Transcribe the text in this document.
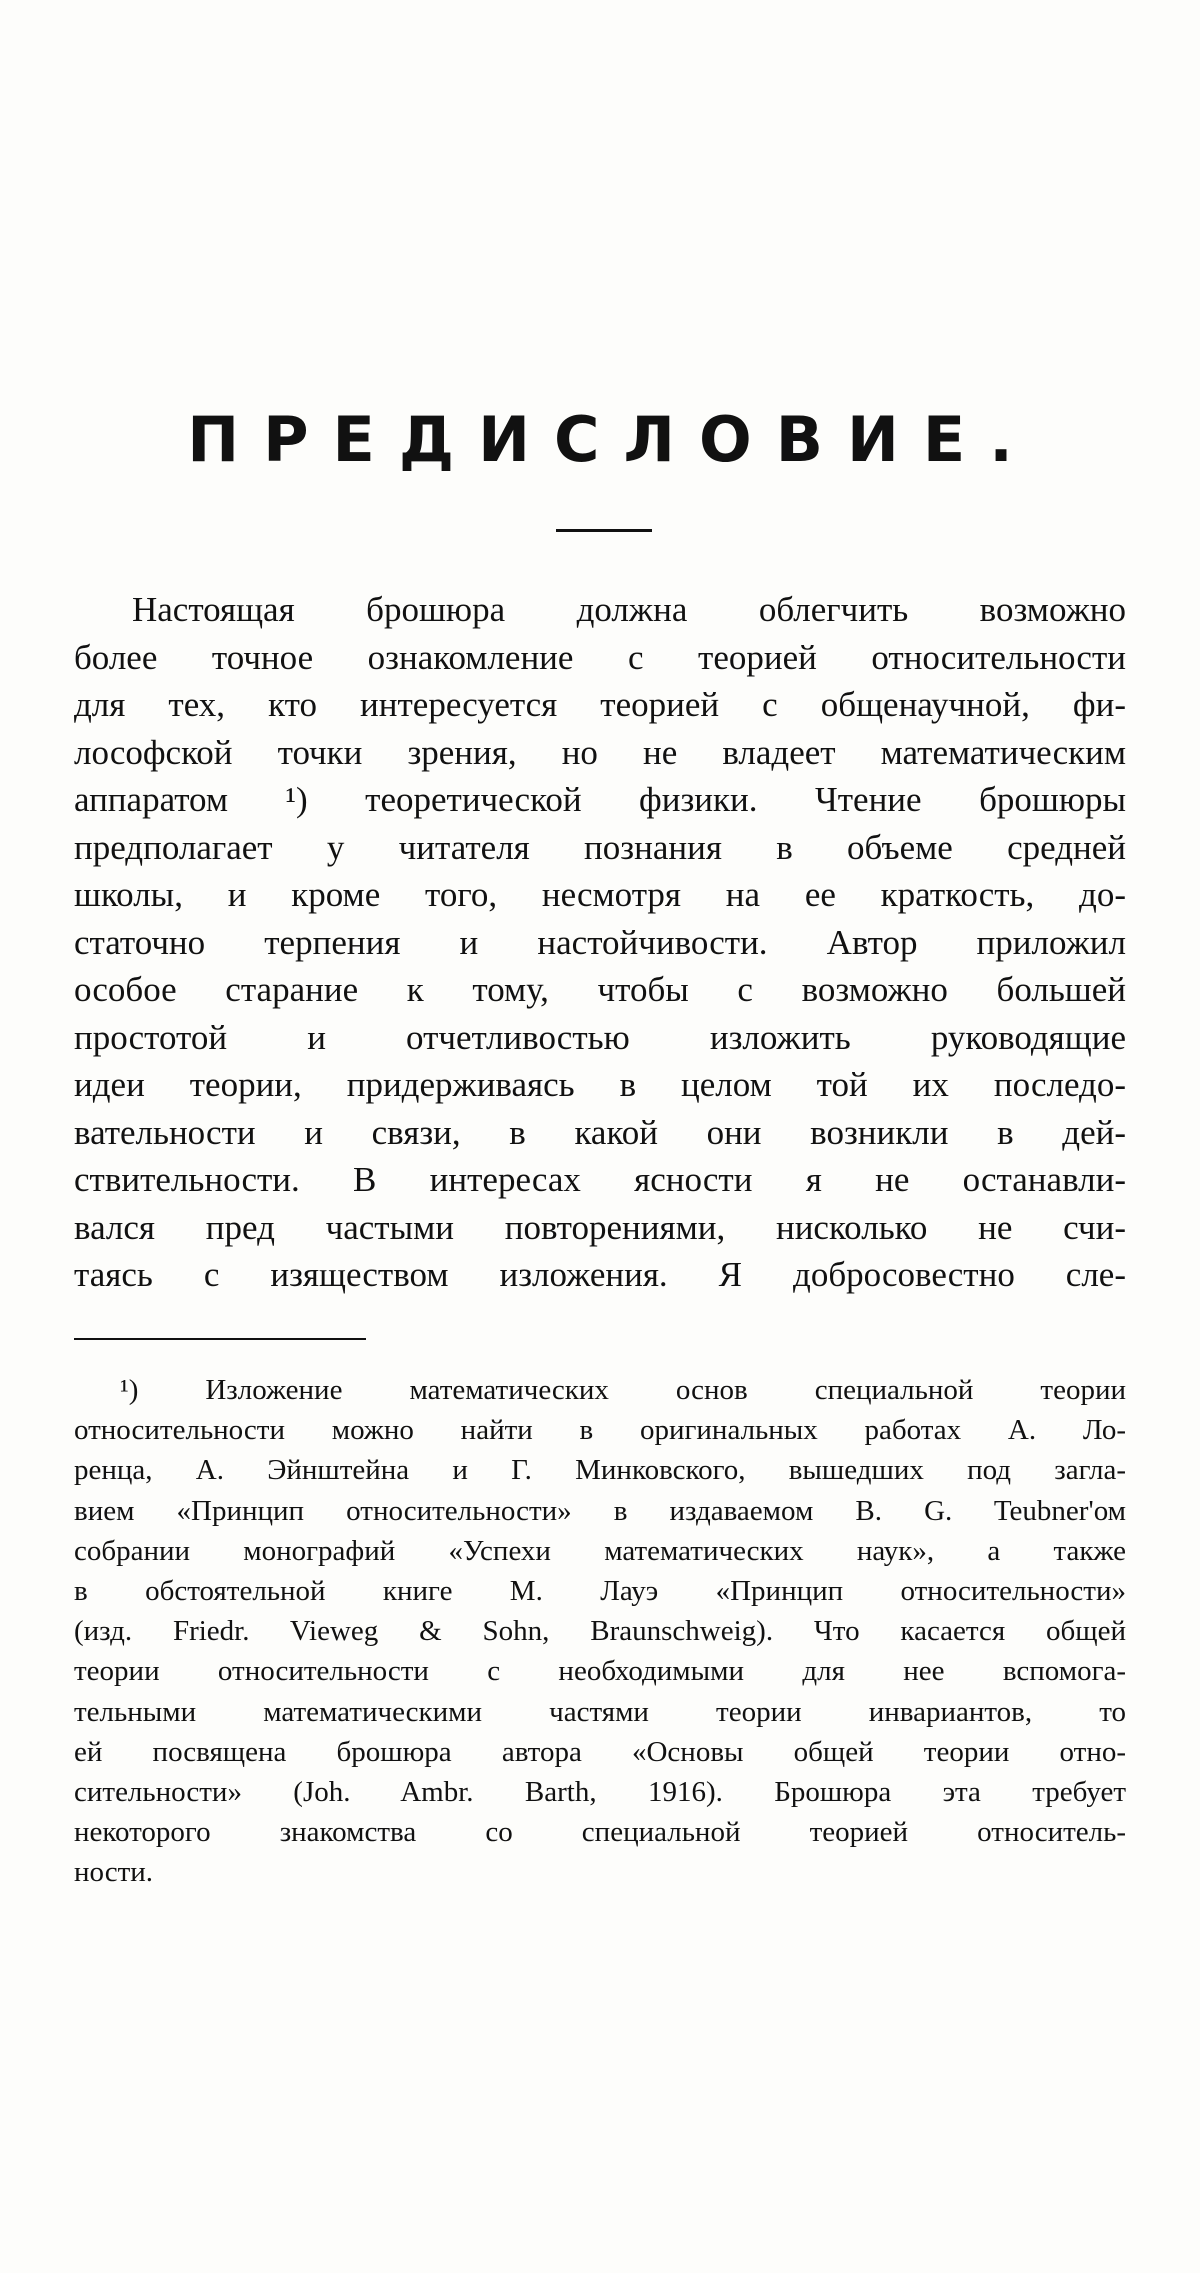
ПРЕДИСЛОВИЕ.
Настоящая брошюра должна облегчить возможно
более точное ознакомление с теорией относительности
для тех, кто интересуется теорией с общенаучной, фи-
лософской точки зрения, но не владеет математическим
аппаратом ¹) теоретической физики. Чтение брошюры
предполагает у читателя познания в объеме средней
школы, и кроме того, несмотря на ее краткость, до-
статочно терпения и настойчивости. Автор приложил
особое старание к тому, чтобы с возможно большей
простотой и отчетливостью изложить руководящие
идеи теории, придерживаясь в целом той их последо-
вательности и связи, в какой они возникли в дей-
ствительности. В интересах ясности я не останавли-
вался пред частыми повторениями, нисколько не счи-
таясь с изяществом изложения. Я добросовестно сле-
¹) Изложение математических основ специальной теории
относительности можно найти в оригинальных работах А. Ло-
ренца, А. Эйнштейна и Г. Минковского, вышедших под загла-
вием «Принцип относительности» в издаваемом B. G. Teubner'ом
собрании монографий «Успехи математических наук», а также
в обстоятельной книге М. Лауэ «Принцип относительности»
(изд. Friedr. Vieweg & Sohn, Braunschweig). Что касается общей
теории относительности с необходимыми для нее вспомога-
тельными математическими частями теории инвариантов, то
ей посвящена брошюра автора «Основы общей теории отно-
сительности» (Joh. Ambr. Barth, 1916). Брошюра эта требует
некоторого знакомства со специальной теорией относитель-
ности.
